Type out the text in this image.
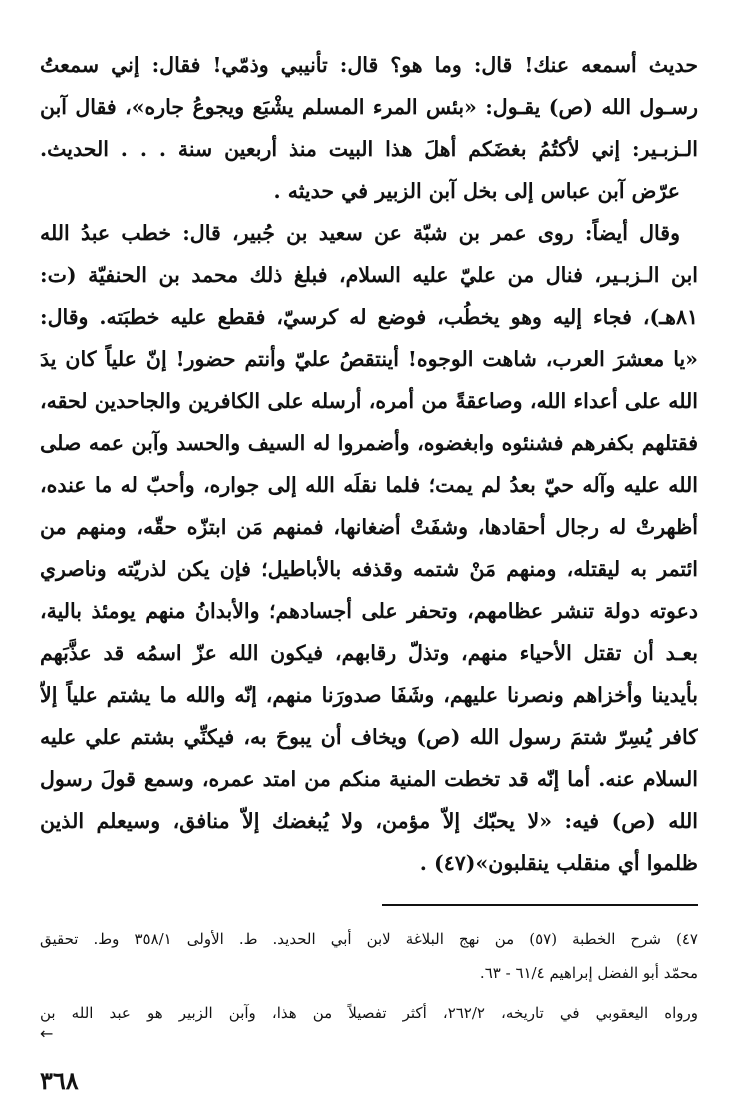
حديث أسمعه عنك! قال: وما هو؟ قال: تأنيبي وذمّي! فقال: إني سمعتُ
رسـول الله (ص) يقـول: «بئس المرء المسلم يشْبَع ويجوعُ جاره»، فقال آبن
الـزبـير: إني لأكتُمُ بغضَكم أهلَ هذا البيت منذ أربعين سنة . . . الحديث.
عرّض آبن عباس إلى بخل آبن الزبير في حديثه .
وقال أيضاً: روى عمر بن شبّة عن سعيد بن جُبير، قال: خطب عبدُ الله
ابن الـزبـير، فنال من عليّ عليه السلام، فبلغ ذلك محمد بن الحنفيّة (ت:
٨١هـ)، فجاء إليه وهو يخطُب، فوضع له كرسيّ، فقطع عليه خطبَته. وقال:
«يا معشرَ العرب، شاهت الوجوه! أينتقصُ عليّ وأنتم حضور! إنّ علياً كان يدَ
الله على أعداء الله، وصاعقةً من أمره، أرسله على الكافرين والجاحدين لحقه،
فقتلهم بكفرهم فشنئوه وابغضوه، وأضمروا له السيف والحسد وآبن عمه صلى
الله عليه وآله حيّ بعدُ لم يمت؛ فلما نقلَه الله إلى جواره، وأحبّ له ما عنده،
أظهرتْ له رجال أحقادها، وشفَتْ أضغانها، فمنهم مَن ابتزّه حقّه، ومنهم من
ائتمر به ليقتله، ومنهم مَنْ شتمه وقذفه بالأباطيل؛ فإن يكن لذريّته وناصري
دعوته دولة تنشر عظامهم، وتحفر على أجسادهم؛ والأبدانُ منهم يومئذ بالية،
بعـد أن تقتل الأحياء منهم، وتذلّ رقابهم، فيكون الله عزّ اسمُه قد عذَّبَهم
بأيدينا وأخزاهم ونصرنا عليهم، وشَفَا صدورَنا منهم، إنّه والله ما يشتم علياً إلاّ
كافر يُسِرّ شتمَ رسول الله (ص) ويخاف أن يبوحَ به، فيكنِّي بشتم علي عليه
السلام عنه. أما إنّه قد تخطت المنية منكم من امتد عمره، وسمع قولَ رسول
الله (ص) فيه: «لا يحبّك إلاّ مؤمن، ولا يُبغضك إلاّ منافق، وسيعلم الذين
ظلموا أي منقلب ينقلبون»(٤٧) .
٤٧) شرح الخطبة (٥٧) من نهج البلاغة لابن أبي الحديد. ط. الأولى ٣٥٨/١ وط. تحقيق
محمّد أبو الفضل إبراهيم ٦١/٤ - ٦٣.
ورواه اليعقوبي في تاريخه، ٢٦٢/٢، أكثر تفصيلاً من هذا، وآبن الزبير هو عبد الله بن
←
٣٦٨
